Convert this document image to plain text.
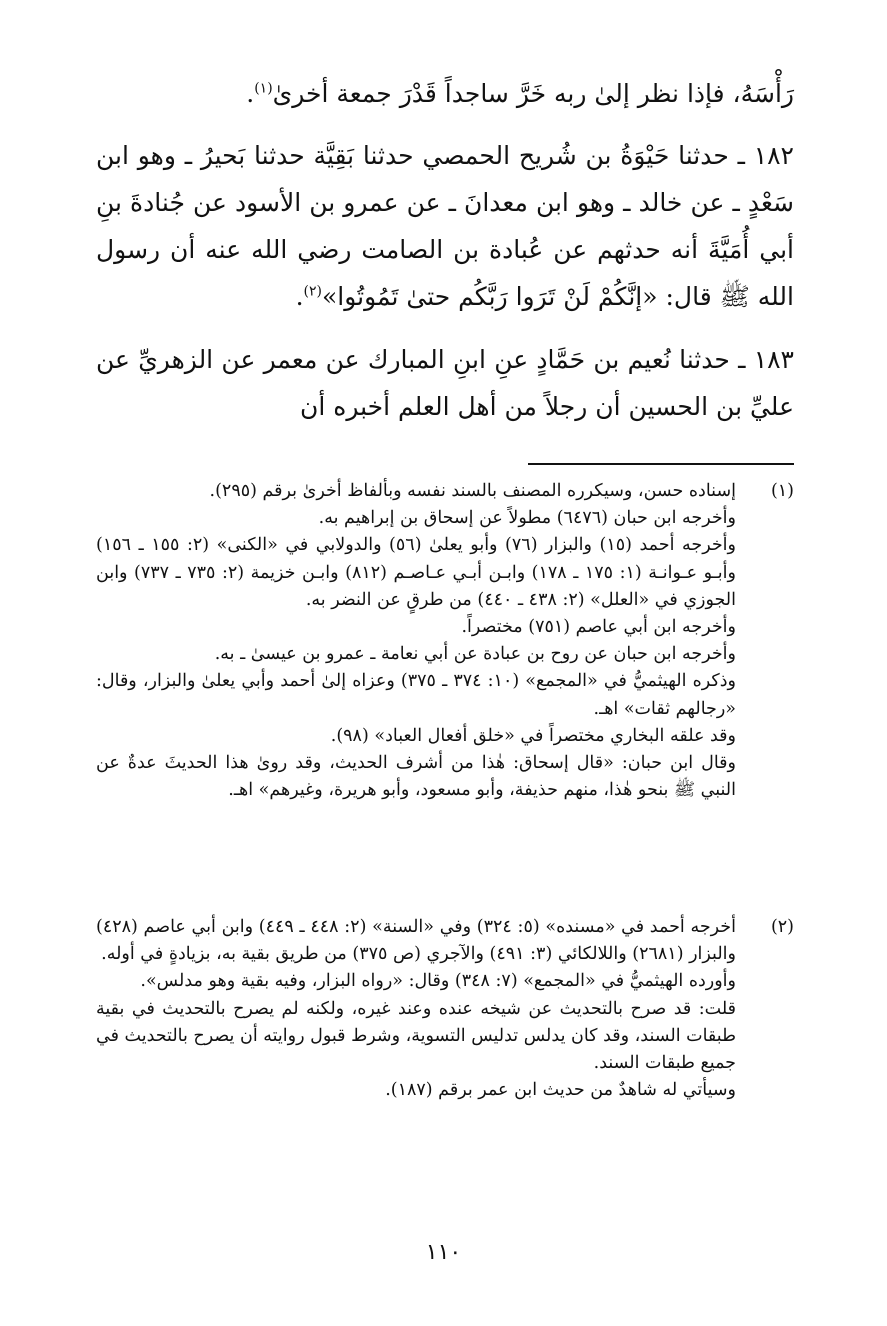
رَأْسَهُ، فإذا نظر إلىٰ ربه خَرَّ ساجداً قَدْرَ جمعة أخرىٰ$^{(١)}$.

١٨٢ ـ حدثنا حَيْوَةُ بن شُريح الحمصي حدثنا بَقِيَّة حدثنا بَحيرُ ـ وهو ابن سَعْدٍ ـ عن خالد ـ وهو ابن معدانَ ـ عن عمرو بن الأسود عن جُنادةَ بنِ أبي أُمَيَّةَ أنه حدثهم عن عُبادة بن الصامت رضي الله عنه أن رسول الله ﷺ قال: «إنَّكُمْ لَنْ تَرَوا رَبَّكُم حتىٰ تَمُوتُوا»$^{(٢)}$.

١٨٣ ـ حدثنا نُعيم بن حَمَّادٍ عنِ ابنِ المبارك عن معمر عن الزهريِّ عن عليِّ بن الحسين أن رجلاً من أهل العلم أخبره أن

(١)

إسناده حسن، وسيكرره المصنف بالسند نفسه وبألفاظ أخرىٰ برقم (٢٩٥).

وأخرجه ابن حبان (٦٤٧٦) مطولاً عن إسحاق بن إبراهيم به.

وأخرجه أحمد (١٥) والبزار (٧٦) وأبو يعلىٰ (٥٦) والدولابي في «الكنى» (٢: ١٥٥ ـ ١٥٦) وأبـو عـوانـة (١: ١٧٥ ـ ١٧٨) وابـن أبـي عـاصـم (٨١٢) وابـن خزيمة (٢: ٧٣٥ ـ ٧٣٧) وابن الجوزي في «العلل» (٢: ٤٣٨ ـ ٤٤٠) من طرقٍ عن النضر به.

وأخرجه ابن أبي عاصم (٧٥١) مختصراً.

وأخرجه ابن حبان عن روح بن عبادة عن أبي نعامة ـ عمرو بن عيسىٰ ـ به.

وذكره الهيثميُّ في «المجمع» (١٠: ٣٧٤ ـ ٣٧٥) وعزاه إلىٰ أحمد وأبي يعلىٰ والبزار، وقال: «رجالهم ثقات» اهـ.

وقد علقه البخاري مختصراً في «خلق أفعال العباد» (٩٨).

وقال ابن حبان: «قال إسحاق: هٰذا من أشرف الحديث، وقد روىٰ هذا الحديثَ عدةٌ عن النبي ﷺ بنحو هٰذا، منهم حذيفة، وأبو مسعود، وأبو هريرة، وغيرهم» اهـ.

(٢)

أخرجه أحمد في «مسنده» (٥: ٣٢٤) وفي «السنة» (٢: ٤٤٨ ـ ٤٤٩) وابن أبي عاصم (٤٢٨) والبزار (٢٦٨١) واللالكائي (٣: ٤٩١) والآجري (ص ٣٧٥) من طريق بقية به، بزيادةٍ في أوله.

وأورده الهيثميُّ في «المجمع» (٧: ٣٤٨) وقال: «رواه البزار، وفيه بقية وهو مدلس».

قلت: قد صرح بالتحديث عن شيخه عنده وعند غيره، ولكنه لم يصرح بالتحديث في بقية طبقات السند، وقد كان يدلس تدليس التسوية، وشرط قبول روايته أن يصرح بالتحديث في جميع طبقات السند.

وسيأتي له شاهدٌ من حديث ابن عمر برقم (١٨٧).

١١٠
